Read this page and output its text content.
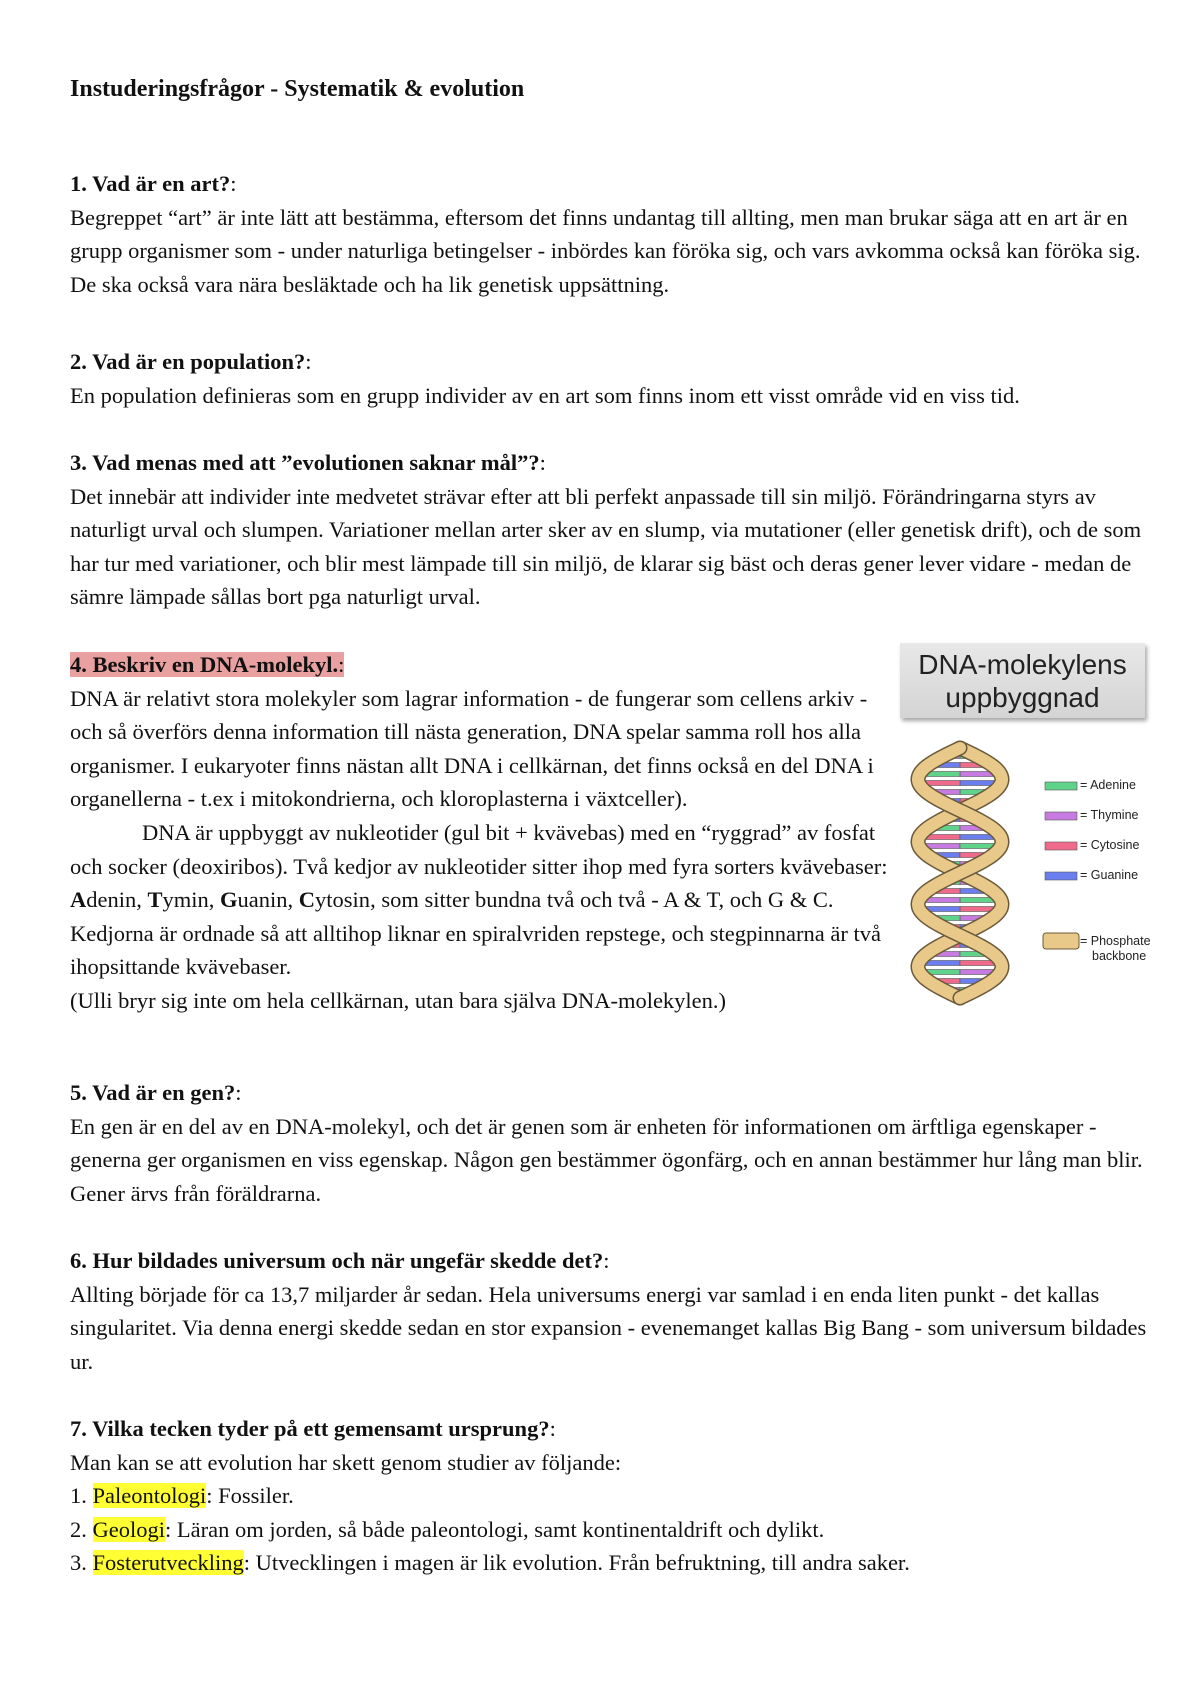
Instuderingsfrågor - Systematik & evolution

1. Vad är en art?:

Begreppet “art” är inte lätt att bestämma, eftersom det finns undantag till allting, men man brukar säga att en art är en grupp organismer som - under naturliga betingelser - inbördes kan föröka sig, och vars avkomma också kan föröka sig. De ska också vara nära besläktade och ha lik genetisk uppsättning.

2. Vad är en population?:

En population definieras som en grupp individer av en art som finns inom ett visst område vid en viss tid.

3. Vad menas med att ”evolutionen saknar mål”?:

Det innebär att individer inte medvetet strävar efter att bli perfekt anpassade till sin miljö. Förändringarna styrs av naturligt urval och slumpen. Variationer mellan arter sker av en slump, via mutationer (eller genetisk drift), och de som har tur med variationer, och blir mest lämpade till sin miljö, de klarar sig bäst och deras gener lever vidare - medan de sämre lämpade sållas bort pga naturligt urval.

4. Beskriv en DNA-molekyl.:

DNA är relativt stora molekyler som lagrar information - de fungerar som cellens arkiv - och så överförs denna information till nästa generation, DNA spelar samma roll hos alla organismer. I eukaryoter finns nästan allt DNA i cellkärnan, det finns också en del DNA i organellerna - t.ex i mitokondrierna, och kloroplasterna i växtceller).

DNA är uppbyggt av nukleotider (gul bit + kvävebas) med en “ryggrad” av fosfat och socker (deoxiribos). Två kedjor av nukleotider sitter ihop med fyra sorters kvävebaser: Adenin, Tymin, Guanin, Cytosin, som sitter bundna två och två - A & T, och G & C. Kedjorna är ordnade så att alltihop liknar en spiralvriden repstege, och stegpinnarna är två ihopsittande kvävebaser.

(Ulli bryr sig inte om hela cellkärnan, utan bara själva DNA-molekylen.)

DNA-molekylens
uppbyggnad
= Adenine
= Thymine
= Cytosine
= Guanine
= Phosphate
backbone

5. Vad är en gen?:

En gen är en del av en DNA-molekyl, och det är genen som är enheten för informationen om ärftliga egenskaper - generna ger organismen en viss egenskap. Någon gen bestämmer ögonfärg, och en annan bestämmer hur lång man blir. Gener ärvs från föräldrarna.

6. Hur bildades universum och när ungefär skedde det?:

Allting började för ca 13,7 miljarder år sedan. Hela universums energi var samlad i en enda liten punkt - det kallas singularitet. Via denna energi skedde sedan en stor expansion - evenemanget kallas Big Bang - som universum bildades ur.

7. Vilka tecken tyder på ett gemensamt ursprung?:

Man kan se att evolution har skett genom studier av följande:

1. Paleontologi: Fossiler.

2. Geologi: Läran om jorden, så både paleontologi, samt kontinentaldrift och dylikt.

3. Fosterutveckling: Utvecklingen i magen är lik evolution. Från befruktning, till andra saker.
